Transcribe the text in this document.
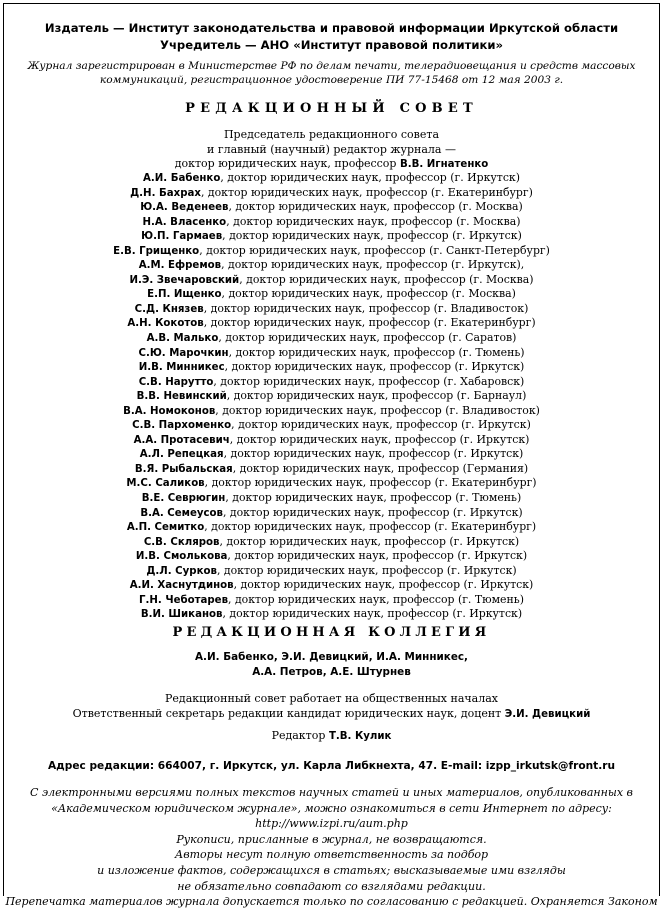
Издатель — Институт законодательства и правовой информации Иркутской области
Учредитель — АНО «Институт правовой политики»
Журнал зарегистрирован в Министерстве РФ по делам печати, телерадиовещания и средств массовых
коммуникаций, регистрационное удостоверение ПИ 77-15468 от 12 мая 2003 г.
РЕДАКЦИОННЫЙ СОВЕТ
Председатель редакционного совета
и главный (научный) редактор журнала —
доктор юридических наук, профессор В.В. Игнатенко
А.И. Бабенко, доктор юридических наук, профессор (г. Иркутск)
Д.Н. Бахрах, доктор юридических наук, профессор (г. Екатеринбург)
Ю.А. Веденеев, доктор юридических наук, профессор (г. Москва)
Н.А. Власенко, доктор юридических наук, профессор (г. Москва)
Ю.П. Гармаев, доктор юридических наук, профессор (г. Иркутск)
Е.В. Грищенко, доктор юридических наук, профессор (г. Санкт-Петербург)
А.М. Ефремов, доктор юридических наук, профессор (г. Иркутск),
И.Э. Звечаровский, доктор юридических наук, профессор (г. Москва)
Е.П. Ищенко, доктор юридических наук, профессор (г. Москва)
С.Д. Князев, доктор юридических наук, профессор (г. Владивосток)
А.Н. Кокотов, доктор юридических наук, профессор (г. Екатеринбург)
А.В. Малько, доктор юридических наук, профессор (г. Саратов)
С.Ю. Марочкин, доктор юридических наук, профессор (г. Тюмень)
И.В. Минникес, доктор юридических наук, профессор (г. Иркутск)
С.В. Нарутто, доктор юридических наук, профессор (г. Хабаровск)
В.В. Невинский, доктор юридических наук, профессор (г. Барнаул)
В.А. Номоконов, доктор юридических наук, профессор (г. Владивосток)
С.В. Пархоменко, доктор юридических наук, профессор (г. Иркутск)
А.А. Протасевич, доктор юридических наук, профессор (г. Иркутск)
А.Л. Репецкая, доктор юридических наук, профессор (г. Иркутск)
В.Я. Рыбальская, доктор юридических наук, профессор (Германия)
М.С. Саликов, доктор юридических наук, профессор (г. Екатеринбург)
В.Е. Севрюгин, доктор юридических наук, профессор (г. Тюмень)
В.А. Семеусов, доктор юридических наук, профессор (г. Иркутск)
А.П. Семитко, доктор юридических наук, профессор (г. Екатеринбург)
С.В. Скляров, доктор юридических наук, профессор (г. Иркутск)
И.В. Смолькова, доктор юридических наук, профессор (г. Иркутск)
Д.Л. Сурков, доктор юридических наук, профессор (г. Иркутск)
А.И. Хаснутдинов, доктор юридических наук, профессор (г. Иркутск)
Г.Н. Чеботарев, доктор юридических наук, профессор (г. Тюмень)
В.И. Шиканов, доктор юридических наук, профессор (г. Иркутск)
РЕДАКЦИОННАЯ КОЛЛЕГИЯ
А.И. Бабенко, Э.И. Девицкий, И.А. Минникес,
А.А. Петров, А.Е. Штурнев
Редакционный совет работает на общественных началах
Ответственный секретарь редакции кандидат юридических наук, доцент Э.И. Девицкий
Редактор Т.В. Кулик
Адрес редакции: 664007, г. Иркутск, ул. Карла Либкнехта, 47. E-mail: izpp_irkutsk@front.ru
С электронными версиями полных текстов научных статей и иных материалов, опубликованных в
«Академическом юридическом журнале», можно ознакомиться в сети Интернет по адресу:
http://www.izpi.ru/aum.php
Рукописи, присланные в журнал, не возвращаются.
Авторы несут полную ответственность за подбор
и изложение фактов, содержащихся в статьях; высказываемые ими взгляды
не обязательно совпадают со взглядами редакции.
Перепечатка материалов журнала допускается только по согласованию с редакцией. Охраняется Законом
